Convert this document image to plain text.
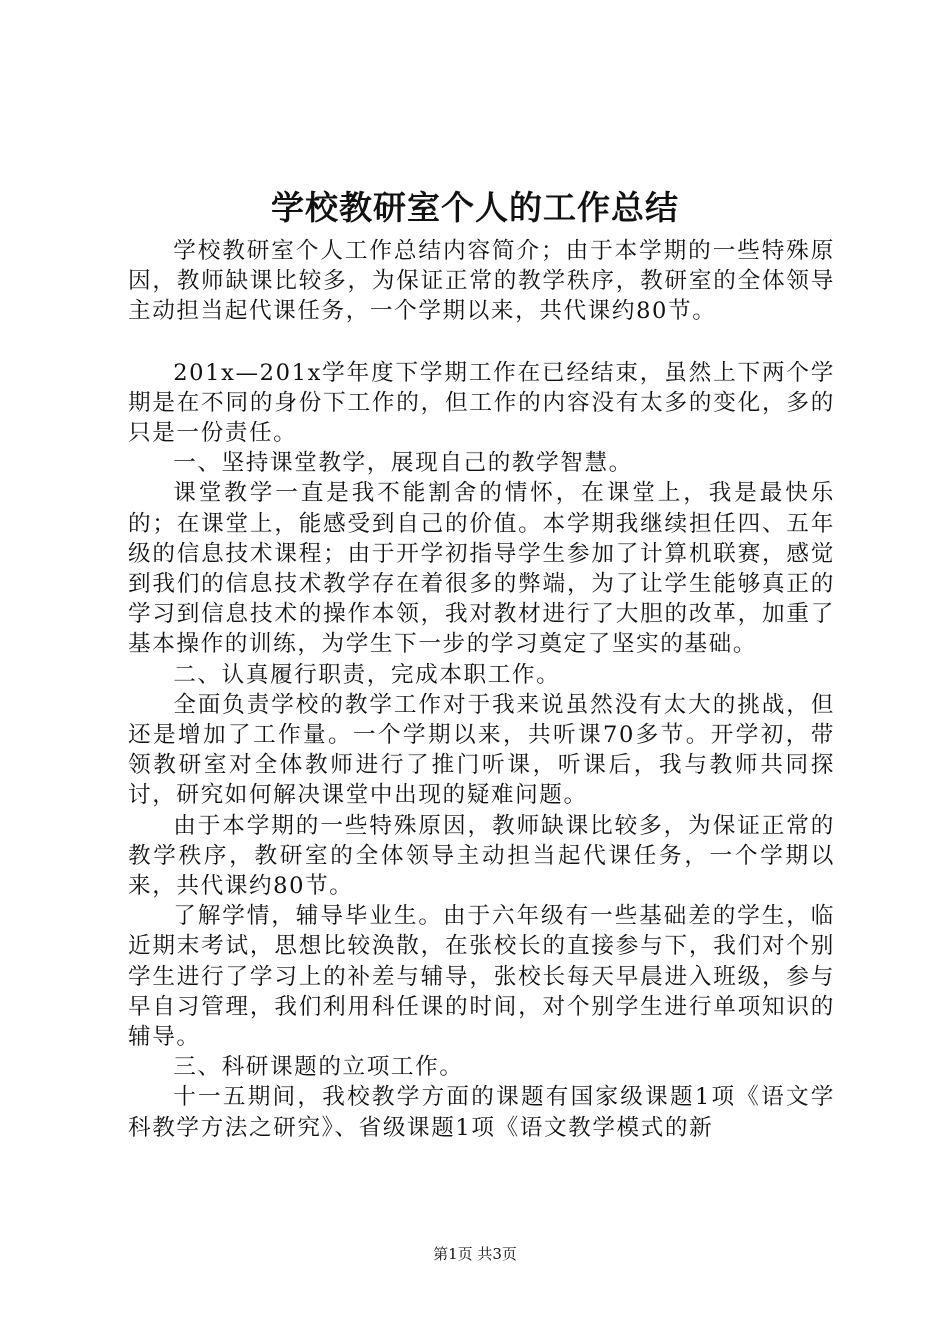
学校教研室个人的工作总结

学校教研室个人工作总结内容简介；由于本学期的一些特殊原因，教师缺课比较多，为保证正常的教学秩序，教研室的全体领导主动担当起代课任务，一个学期以来，共代课约80节。

201x—201x学年度下学期工作在已经结束，虽然上下两个学期是在不同的身份下工作的，但工作的内容没有太多的变化，多的只是一份责任。

一、坚持课堂教学，展现自己的教学智慧。

课堂教学一直是我不能割舍的情怀，在课堂上，我是最快乐的；在课堂上，能感受到自己的价值。本学期我继续担任四、五年级的信息技术课程；由于开学初指导学生参加了计算机联赛，感觉到我们的信息技术教学存在着很多的弊端，为了让学生能够真正的学习到信息技术的操作本领，我对教材进行了大胆的改革，加重了基本操作的训练，为学生下一步的学习奠定了坚实的基础。

二、认真履行职责，完成本职工作。

全面负责学校的教学工作对于我来说虽然没有太大的挑战，但还是增加了工作量。一个学期以来，共听课70多节。开学初，带领教研室对全体教师进行了推门听课，听课后，我与教师共同探讨，研究如何解决课堂中出现的疑难问题。

由于本学期的一些特殊原因，教师缺课比较多，为保证正常的教学秩序，教研室的全体领导主动担当起代课任务，一个学期以来，共代课约80节。

了解学情，辅导毕业生。由于六年级有一些基础差的学生，临近期末考试，思想比较涣散，在张校长的直接参与下，我们对个别学生进行了学习上的补差与辅导，张校长每天早晨进入班级，参与早自习管理，我们利用科任课的时间，对个别学生进行单项知识的辅导。

三、科研课题的立项工作。

十一五期间，我校教学方面的课题有国家级课题1项《语文学科教学方法之研究》、省级课题1项《语文教学模式的新

第1页 共3页
